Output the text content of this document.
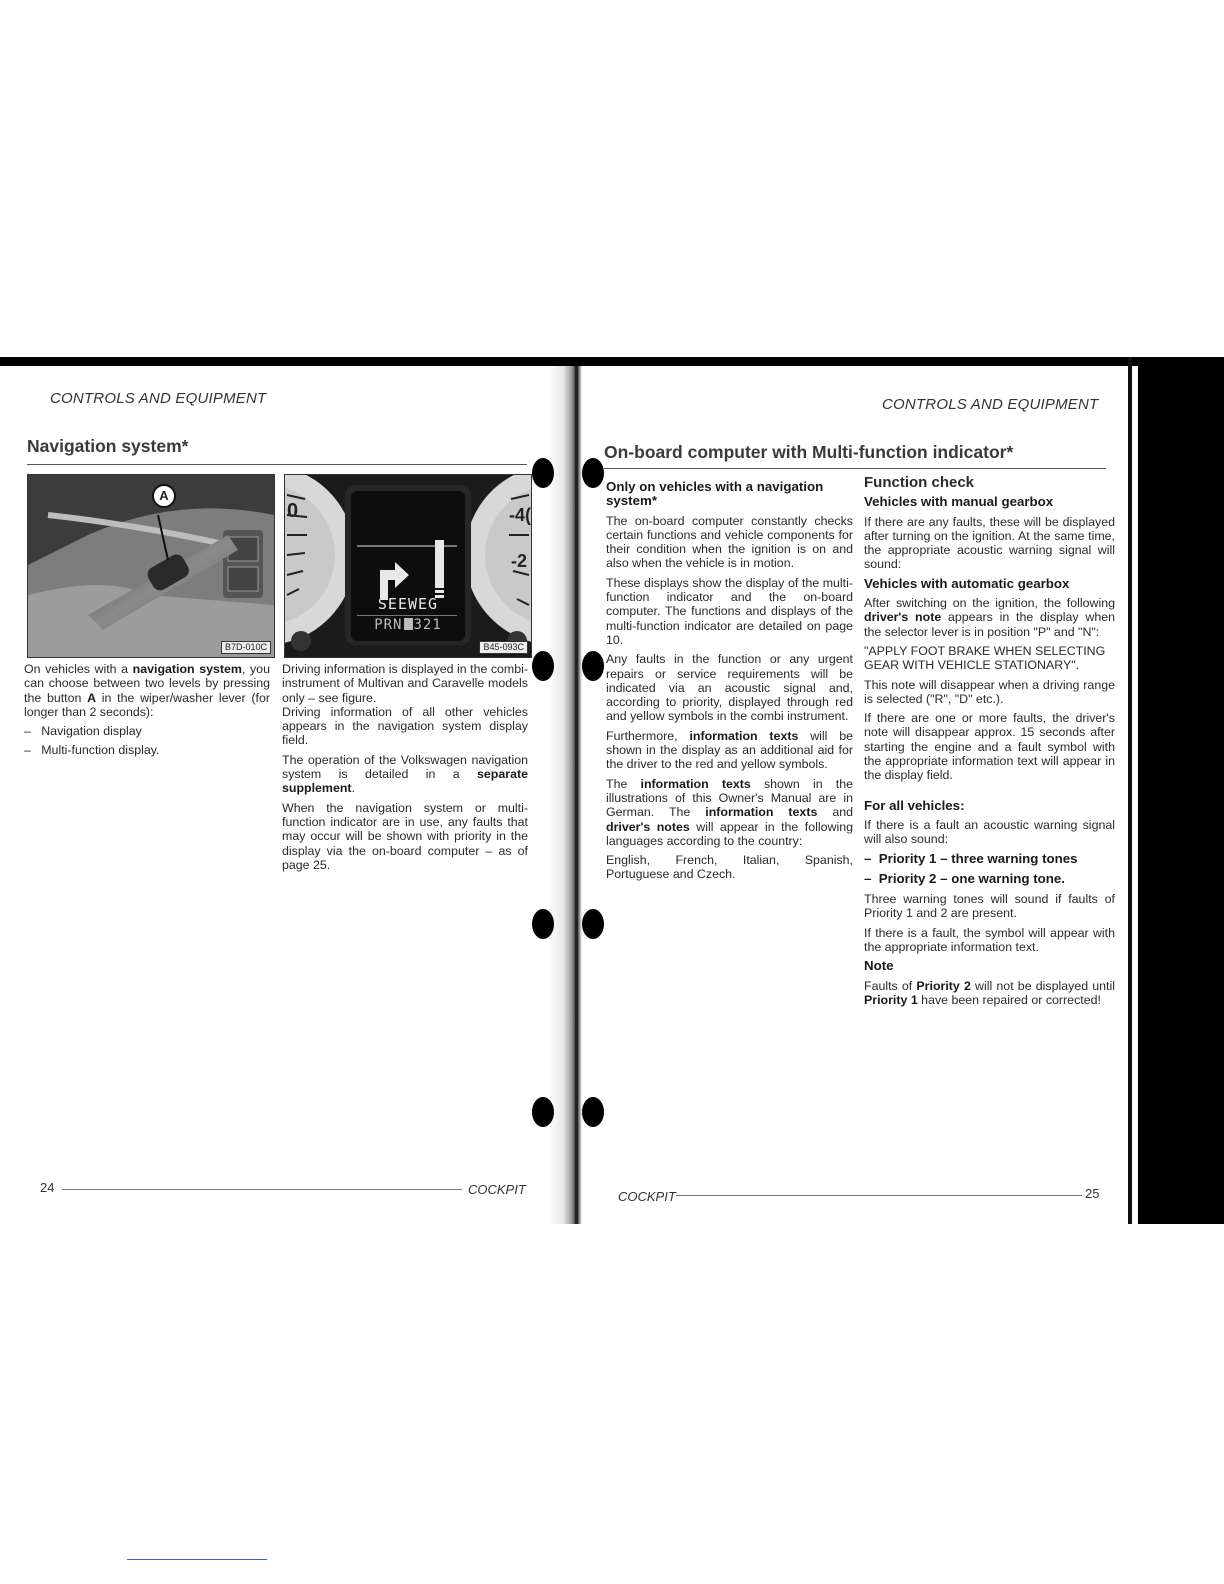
CONTROLS AND EQUIPMENT
Navigation system*
A
B7D-010C
0	-4(
-2
SEEWEG
PRN 321
B45-093C

On vehicles with a navigation system, you can choose between two levels by pressing the button A in the wiper/washer lever (for longer than 2 seconds):

– Navigation display

– Multi-function display.

Driving information is displayed in the combi-instrument of Multivan and Caravelle models only – see figure.

Driving information of all other vehicles appears in the navigation system display field.

The operation of the Volkswagen navigation system is detailed in a separate supplement.

When the navigation system or multi-function indicator are in use, any faults that may occur will be shown with priority in the display via the on-board computer – as of page 25.

24	COCKPIT
CONTROLS AND EQUIPMENT
On-board computer with Multi-function indicator*

Only on vehicles with a navigation system*

The on-board computer constantly checks certain functions and vehicle components for their condition when the ignition is on and also when the vehicle is in motion.

These displays show the display of the multi-function indicator and the on-board computer. The functions and displays of the multi-function indicator are detailed on page 10.

Any faults in the function or any urgent repairs or service requirements will be indicated via an acoustic signal and, according to priority, displayed through red and yellow symbols in the combi instrument.

Furthermore, information texts will be shown in the display as an additional aid for the driver to the red and yellow symbols.

The information texts shown in the illustrations of this Owner's Manual are in German. The information texts and driver's notes will appear in the following languages according to the country:

English, French, Italian, Spanish, Portuguese and Czech.

Function check

Vehicles with manual gearbox

If there are any faults, these will be displayed after turning on the ignition. At the same time, the appropriate acoustic warning signal will sound:

Vehicles with automatic gearbox

After switching on the ignition, the following driver's note appears in the display when the selector lever is in position "P" and "N":

"APPLY FOOT BRAKE WHEN SELECTING GEAR WITH VEHICLE STATIONARY".

This note will disappear when a driving range is selected ("R", "D" etc.).

If there are one or more faults, the driver's note will disappear approx. 15 seconds after starting the engine and a fault symbol with the appropriate information text will appear in the display field.

For all vehicles:

If there is a fault an acoustic warning signal will also sound:

– Priority 1 – three warning tones

– Priority 2 – one warning tone.

Three warning tones will sound if faults of Priority 1 and 2 are present.

If there is a fault, the symbol will appear with the appropriate information text.

Note

Faults of Priority 2 will not be displayed until Priority 1 have been repaired or corrected!

COCKPIT	25
